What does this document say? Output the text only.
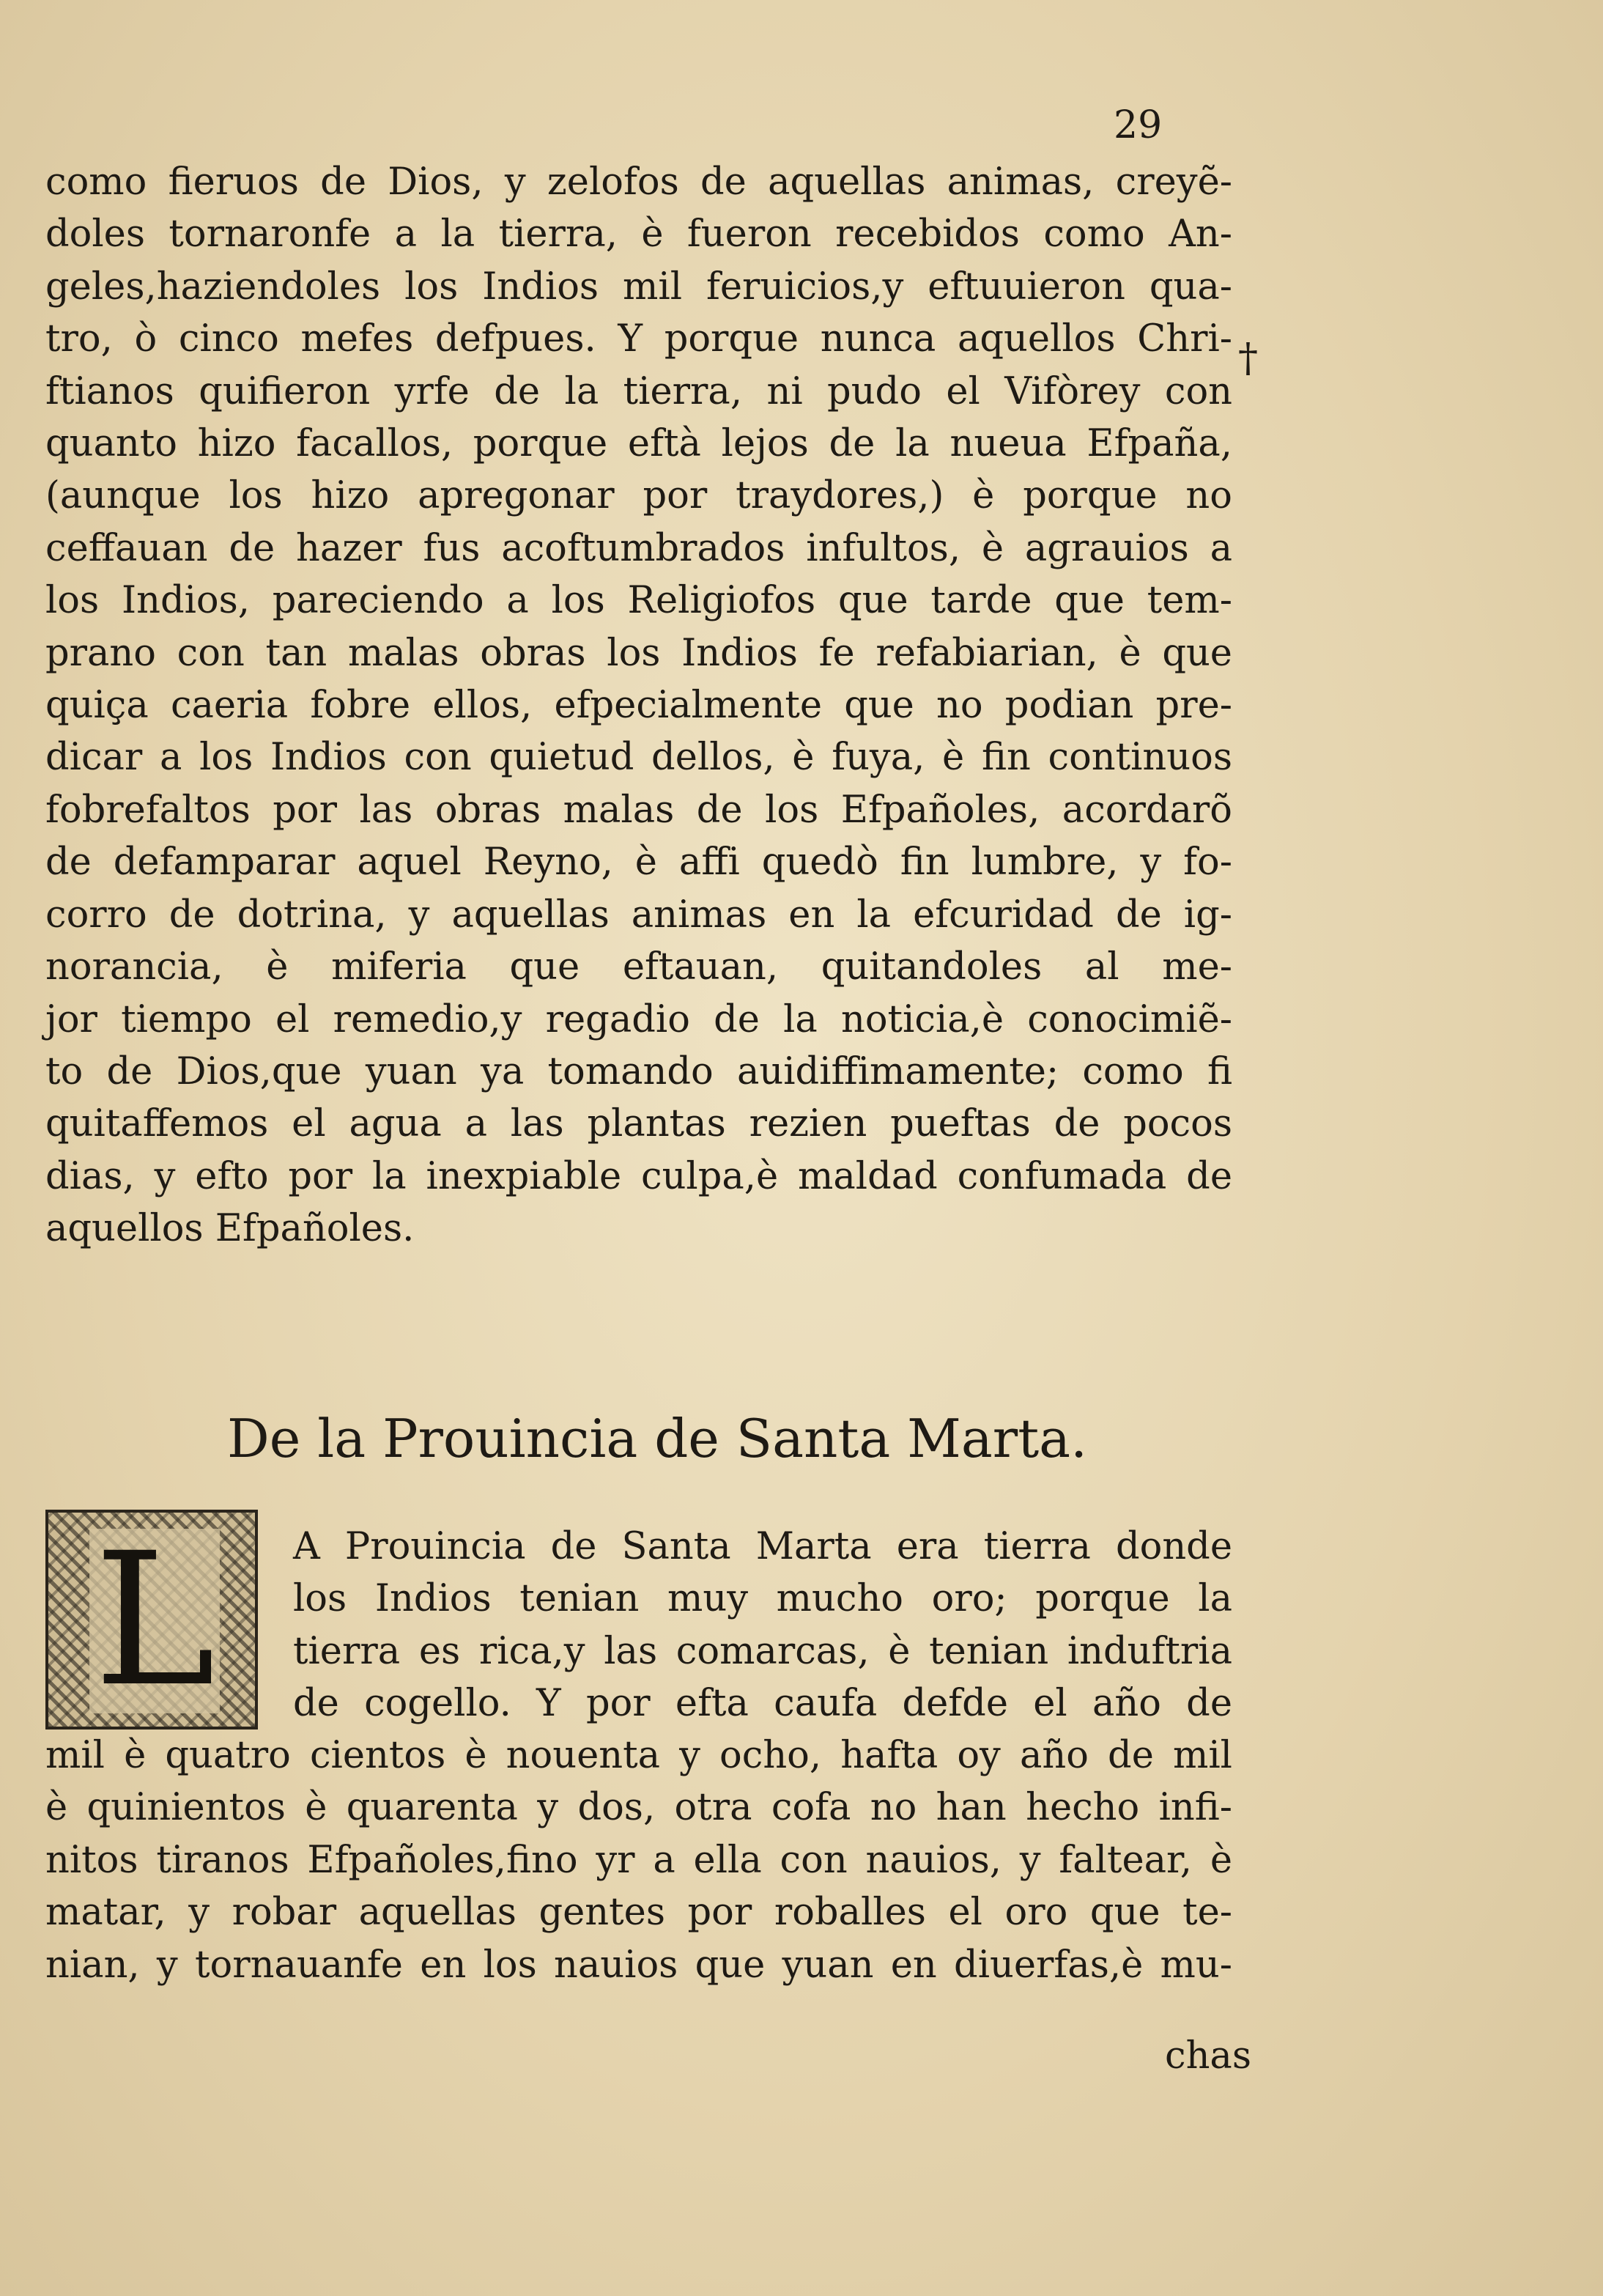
29
†

como fieruos de Dios, y zelofos de aquellas animas, creyẽ-
doles tornaronfe a la tierra, è fueron recebidos como An-
geles,haziendoles los Indios mil feruicios,y eftuuieron qua-
tro, ò cinco mefes defpues. Y porque nunca aquellos Chri-
ftianos quifieron yrfe de la tierra, ni pudo el Vifòrey con
quanto hizo facallos, porque eftà lejos de la nueua Efpaña,
(aunque los hizo apregonar por traydores,) è porque no
ceffauan de hazer fus acoftumbrados infultos, è agrauios a
los Indios, pareciendo a los Religiofos que tarde que tem-
prano con tan malas obras los Indios fe refabiarian, è que
quiça caeria fobre ellos, efpecialmente que no podian pre-
dicar a los Indios con quietud dellos, è fuya, è fin continuos
fobrefaltos por las obras malas de los Efpañoles, acordarõ
de defamparar aquel Reyno, è affi quedò fin lumbre, y fo-
corro de dotrina, y aquellas animas en la efcuridad de ig-
norancia, è miferia que eftauan, quitandoles al me-
jor tiempo el remedio,y regadio de la noticia,è conocimiẽ-
to de Dios,que yuan ya tomando auidiffimamente; como fi
quitaffemos el agua a las plantas rezien pueftas de pocos
dias, y efto por la inexpiable culpa,è maldad confumada de
aquellos Efpañoles.

De la Prouincia de Santa Marta.
L A Prouincia de Santa Marta era tierra donde
los Indios tenian muy mucho oro; porque la
tierra es rica,y las comarcas, è tenian induftria
de cogello. Y por efta caufa defde el año de

mil è quatro cientos è nouenta y ocho, hafta oy año de mil
è quinientos è quarenta y dos, otra cofa no han hecho infi-
nitos tiranos Efpañoles,fino yr a ella con nauios, y faltear, è
matar, y robar aquellas gentes por roballes el oro que te-
nian, y tornauanfe en los nauios que yuan en diuerfas,è mu-

chas
